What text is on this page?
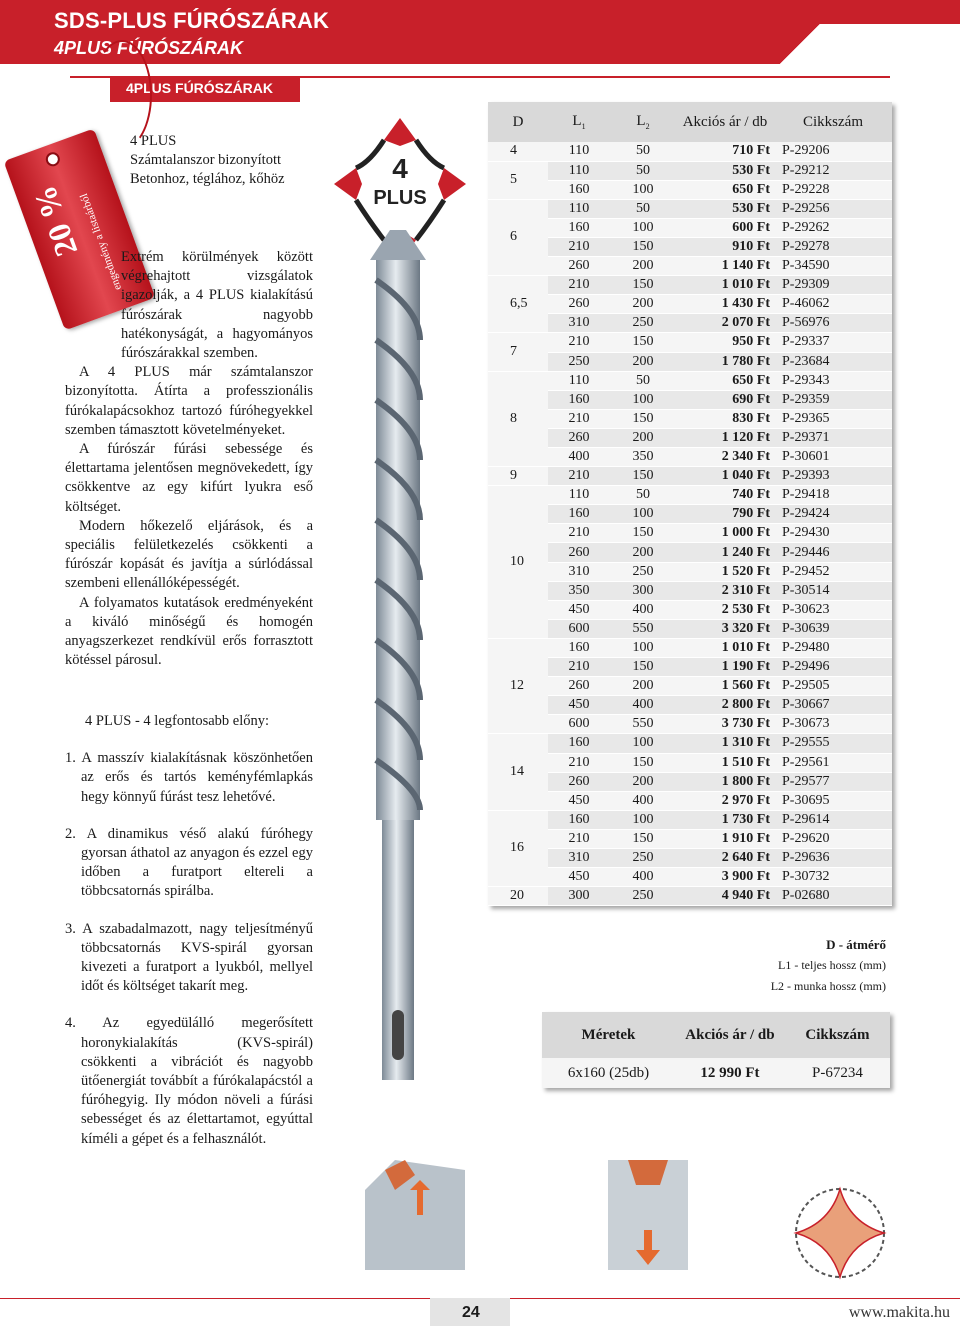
SDS-PLUS FÚRÓSZÁRAK
4PLUS FÚRÓSZÁRAK
4PLUS FÚRÓSZÁRAK
20 %
engedmény a listaárból
4 PLUS
Számtalanszor bizonyított
Betonhoz, téglához, kőhöz
Extrém körülmények között végrehajtott vizsgálatok igazolják, a 4 PLUS kialakítású fúrószárak nagyobb hatékonyságát, a hagyományos fúrószárakkal szemben.
A 4 PLUS már számtalanszor bizonyította. Átírta a professzionális fúrókalapácsokhoz tartozó fúróhegyekkel szemben támasztott követelményeket.
A fúrószár fúrási sebessége és élettartama jelentősen megnövekedett, így csökkentve az egy kifúrt lyukra eső költséget.
Modern hőkezelő eljárások, és a speciális felületkezelés csökkenti a fúrószár kopását és javítja a súrlódással szembeni ellenállóképességét.
A folyamatos kutatások eredményeként a kiváló minőségű és homogén anyagszerkezet rendkívül erős forrasztott kötéssel párosul.
4 PLUS - 4 legfontosabb előny:
1. A masszív kialakításnak köszönhetően az erős és tartós keményfémlapkás hegy könnyű fúrást tesz lehetővé.
2. A dinamikus véső alakú fúróhegy gyorsan áthatol az anyagon és ezzel egy időben a furatport eltereli a többcsatornás spirálba.
3. A szabadalmazott, nagy teljesítményű többcsatornás KVS-spirál gyorsan kivezeti a furatport a lyukból, mellyel időt és költséget takarít meg.
4. Az egyedülálló megerősített horonykialakítás (KVS-spirál) csökkenti a vibrációt és nagyobb ütőenergiát továbbít a fúrókalapácstól a fúróhegyig. Ily módon növeli a fúrási sebességet és az élettartamot, egyúttal kíméli a gépet és a felhasználót.
4
PLUS
D	$L_1$	$L_2$	Akciós ár / db	Cikkszám
4	110	50	710 Ft	P-29206
5	110	50	530 Ft	P-29212
	160	100	650 Ft	P-29228
6	110	50	530 Ft	P-29256
	160	100	600 Ft	P-29262
	210	150	910 Ft	P-29278
	260	200	1 140 Ft	P-34590
6,5	210	150	1 010 Ft	P-29309
	260	200	1 430 Ft	P-46062
	310	250	2 070 Ft	P-56976
7	210	150	950 Ft	P-29337
	250	200	1 780 Ft	P-23684
8	110	50	650 Ft	P-29343
	160	100	690 Ft	P-29359
	210	150	830 Ft	P-29365
	260	200	1 120 Ft	P-29371
	400	350	2 340 Ft	P-30601
9	210	150	1 040 Ft	P-29393
10	110	50	740 Ft	P-29418
	160	100	790 Ft	P-29424
	210	150	1 000 Ft	P-29430
	260	200	1 240 Ft	P-29446
	310	250	1 520 Ft	P-29452
	350	300	2 310 Ft	P-30514
	450	400	2 530 Ft	P-30623
	600	550	3 320 Ft	P-30639
12	160	100	1 010 Ft	P-29480
	210	150	1 190 Ft	P-29496
	260	200	1 560 Ft	P-29505
	450	400	2 800 Ft	P-30667
	600	550	3 730 Ft	P-30673
14	160	100	1 310 Ft	P-29555
	210	150	1 510 Ft	P-29561
	260	200	1 800 Ft	P-29577
	450	400	2 970 Ft	P-30695
16	160	100	1 730 Ft	P-29614
	210	150	1 910 Ft	P-29620
	310	250	2 640 Ft	P-29636
	450	400	3 900 Ft	P-30732
20	300	250	4 940 Ft	P-02680
D - átmérő
L1 - teljes hossz (mm)
L2 - munka hossz (mm)
Méretek	Akciós ár / db	Cikkszám
6x160 (25db)	12 990 Ft	P-67234
24	www.makita.hu
